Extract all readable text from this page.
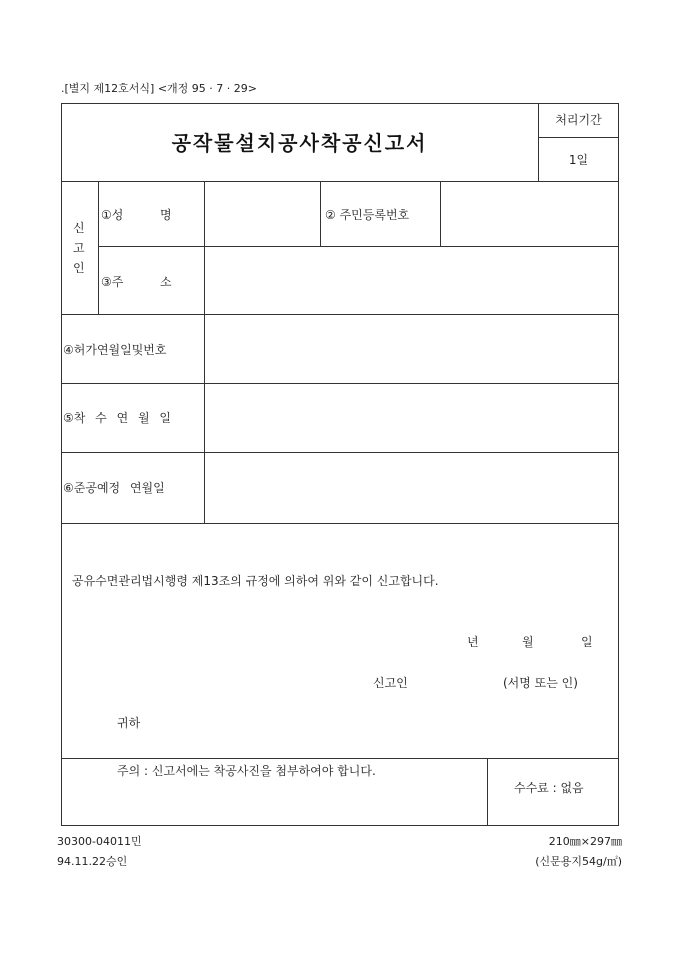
.[별지 제12호서식] <개정 95 · 7 · 29>
공작물설치공사착공신고서
처리기간
1일
신
고
인
①성	명	② 주민등록번호
③주	소
④허가연월일및번호
⑤착 수 연 월 일
⑥준공예정 연월일
공유수면관리법시행령 제13조의 규정에 의하여 위와 같이 신고합니다.
년	월	일
신고인	(서명 또는 인)
귀하
주의 : 신고서에는 착공사진을 첨부하여야 합니다.
수수료 : 없음
30300-04011민
94.11.22승인
210㎜×297㎜
(신문용지54g/㎡)
